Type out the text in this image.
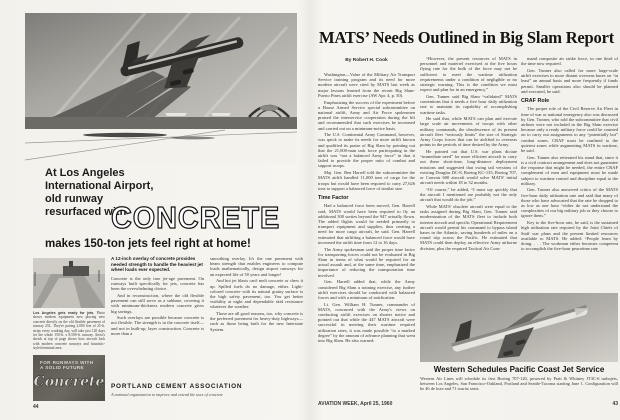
At Los Angeles
International Airport,
old runway
resurfaced with
CONCRETE
makes 150-ton jets feel right at home!
Los Angeles gets ready for jets. Photo shows modern equipment now placing new concrete directly on the old flexible pavement of runway 25L. They're paving 2,000 feet of 25-ft. strips every working day, will take just 120 days for the whole 150-ft. x 8,500-ft. runway. Artist's sketch at top of page shows how aircraft look with modern concrete runways and futuristic-styled terminal area.
FOR RUNWAYS WITH
A SOLID FUTURE
Concrete
A 12-inch overlay of concrete provides needed strength to handle the heaviest jet wheel loads ever expected.

Concrete is the only true jet-age pavement. On runways built specifically for jets, concrete has been the overwhelming choice.

And in reconstruction, where the old flexible pavement can still serve as a subbase, covering it with minimum-thickness modern concrete gives big savings.

Such overlays are possible because concrete is not flexible. The strength is in the concrete itself—and not in built-up, layer construction. Concrete is more than a

smoothing overlay. It's the one pavement with beam strength that enables engineers to compute loads mathematically, design airport runways for an expected life of 50 years and longer!

And hot jet blasts can't melt concrete or chew it up. Spilled fuels do no damage, either. Light-colored concrete with its natural grainy surface is the high safety pavement, too. You get better visibility at night and dependable skid resistance whatever the weather.

Those are all good reasons, too, why concrete is the preferred pavement for heavy-duty highways—such as those being built for the new Interstate System.

PORTLAND CEMENT ASSOCIATION
A national organization to improve and extend the uses of concrete
44
MATS’ Needs Outlined in Big Slam Report
By Robert H. Cook

Washington—Value of the Military Air Transport Service training program and its need for more modern aircraft were cited by MATS last week as major lessons learned from the recent Big Slam-Puerto Pines airlift exercise (AW Apr. 4, p. 50).

Emphasizing the success of the experiment before a House Armed Service special subcommittee on national airlift, Army and Air Force spokesmen praised the interservice cooperation during the lift and recommended that such exercises be increased and carried out on a minimum-notice basis.

The U.S. Continental Army Command, however, was quick to make its needs for more airlift known and qualified its praise of Big Slam by pointing out that the 21,000-man task force participating in the airlift was “not a balanced Army force” in that it failed to provide the proper ratio of combat and support troops.

Maj. Gen. Ben Harrell told the subcommittee the MATS airlift handled 11,000 tons of cargo for the troops but would have been required to carry 27,626 tons to support a balanced force of similar size.

Time Factor

Had a balanced force been moved, Gen. Harrell said, MATS would have been required to fly an additional 300 sorties beyond the 947 actually flown. The added flights would be needed primarily to transport equipment and supplies, thus creating a need for more cargo aircraft, he said. Gen. Harrell estimated that airlifting a balanced force would have increased the airlift time from 12 to 16 days.

The Army spokesman said the proper time factor for transporting forces could not be evaluated in Big Slam in terms of what would be required for an actual assault and, at the same time, emphasized the importance of reducing the transportation time involved.

Gen. Harrell added that, while the Army considered Big Slam a training exercise, any further airlift exercises should be conducted with balanced forces and with a minimum of notification.

Lt. Gen. William H. Tunner, commander of MATS, concurred with the Army's views on conducting airlift exercises on shorter notice and pointed out that while the 447 MATS aircraft were successful in meeting their wartime required utilization rates, it was made possible “to a marked degree” by the amount of advance planning that went into Big Slam. He also warned:

“However, the present resources of MATS in personnel and materiel exercised at the five hours flying rate for the bulk of the force may not be sufficient to meet the wartime utilization requirements under a condition of negligible or no strategic warning. This is the condition we must expect and plan for in an emergency.”

Gen. Tunner said Big Slam “validated” MATS contentions that it needs a five hour daily utilization rate to maintain its capability of accomplishing wartime tasks.

He said that, while MATS can plan and execute large scale air movements of troops with other military commands, the obsolescence of its present aircraft fleet “seriously limits” the size of Strategic Army Corps forces that can be airlifted to overseas points in the periods of time desired by the Army.

He pointed out that U.S. war plans dictate “immediate need” for more efficient aircraft to carry out these short-time, long-distance deployment missions and suggested that swing tail versions of existing Douglas DC-8, Boeing KC-135, Boeing 707, or Convair 600 aircraft would solve MATS' initial aircraft needs within 18 to 32 months.

“Of course,” he added, “I must say quickly that the aircraft I mentioned are probably not the only aircraft that would do the job.”

While MATS' obsolete aircraft were equal to the tasks assigned during Big Slam, Gen. Tunner said modernization of the MATS fleet to include both interim aircraft and specific Operational Requirement aircraft would permit his command to bypass island bases in the Atlantic, saving hundreds of miles on a round trip across the Pacific. He estimated that MATS could then deploy an effective Army airborne division, plus the required Tactical Air Com-

mand composite air strike force, in one third of the time now required.

Gen. Tunner also called for more large-scale airlift exercises to more distant overseas bases on “at least” an annual basis and more frequently if funds permit. Smaller operations also should be planned and executed, he said.

CRAF Role

The proper role of the Civil Reserve Air Fleet in time of war or national emergency also was discussed by Gen. Tunner, who told the subcommittee that civil airlines were not included in the Big Slam exercise because only a ready military force could be counted on to carry out assignments to any “potentially hot” combat zones. CRAF must be confined to the quietest zones while augmenting MATS in wartime, he said.

Gen. Tunner also reiterated his stand that, since it is a civil contract arrangement and does not guarantee the response that might be needed, the entire CRAF complement of men and equipment must be made subject to wartime control and discipline equal to the military.

Gen. Tunner also answered critics of the MATS five-hour daily utilization rate and said that many of those who have advocated that the rate be dropped to as low as one hour “either do not understand the complexities of our big military job or they choose to ignore them.”

Key to the five-hour rate, he said, is the sustained high utilization rate required by the Joint Chiefs of Staff war plans and the present limited resources available to MATS. He added: “People learn by doing. . . . The workman either becomes competent to accomplish the five-hour peacetime rate

Western Schedules Pacific Coast Jet Service
Western Air Lines will schedule its first Boeing 707-120, powered by Pratt & Whitney JT3C-6 turbojets, between Los Angeles, San Francisco-Oakland, Portland and Seattle-Tacoma starting June 1. Configuration will be 46 de luxe and 71 tourist seats.
AVIATION WEEK, April 25, 1960	43
